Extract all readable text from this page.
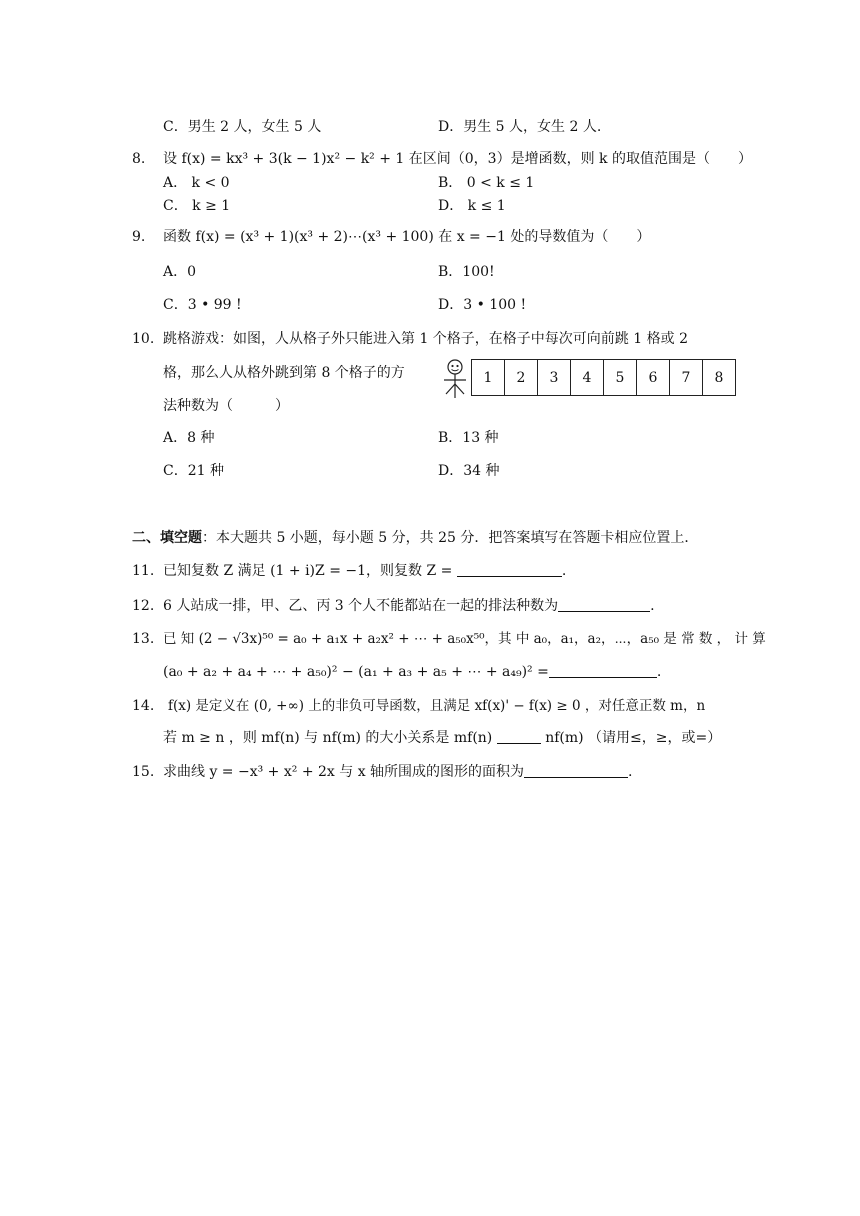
C．男生 2 人，女生 5 人	D．男生 5 人，女生 2 人.
8. 设 f(x) = kx³ + 3(k − 1)x² − k² + 1 在区间（0，3）是增函数，则 k 的取值范围是（　　）
A． k < 0	B． 0 < k ≤ 1
C． k ≥ 1	D． k ≤ 1
9. 函数 f(x) = (x³ + 1)(x³ + 2)⋯(x³ + 100) 在 x = −1 处的导数值为（　　）
A．0	B．100!
C．3 • 99 !	D．3 • 100 !
10. 跳格游戏：如图，人从格子外只能进入第 1 个格子，在格子中每次可向前跳 1 格或 2
格，那么人从格外跳到第 8 个格子的方
法种数为（　　　）
1	2	3	4	5	6	7	8
A．8 种	B．13 种
C．21 种	D．34 种
二、填空题：本大题共 5 小题，每小题 5 分，共 25 分．把答案填写在答题卡相应位置上．
11. 已知复数 Z 满足 (1 + i)Z = −1，则复数 Z =	.
12. 6 人站成一排，甲、乙、丙 3 个人不能都站在一起的排法种数为	.
13. 已 知 (2 − √3x)⁵⁰ = a₀ + a₁x + a₂x² + ⋯ + a₅₀x⁵⁰，其 中 a₀，a₁，a₂，⋯，a₅₀ 是 常 数 ， 计 算
(a₀ + a₂ + a₄ + ⋯ + a₅₀)² − (a₁ + a₃ + a₅ + ⋯ + a₄₉)² =	.
14. f(x) 是定义在 (0, +∞) 上的非负可导函数，且满足 xf(x)' − f(x) ≥ 0 ，对任意正数 m，n
若 m ≥ n ，则 mf(n) 与 nf(m) 的大小关系是 mf(n)	nf(m) （请用≤，≥，或=）
15. 求曲线 y = −x³ + x² + 2x 与 x 轴所围成的图形的面积为	.
